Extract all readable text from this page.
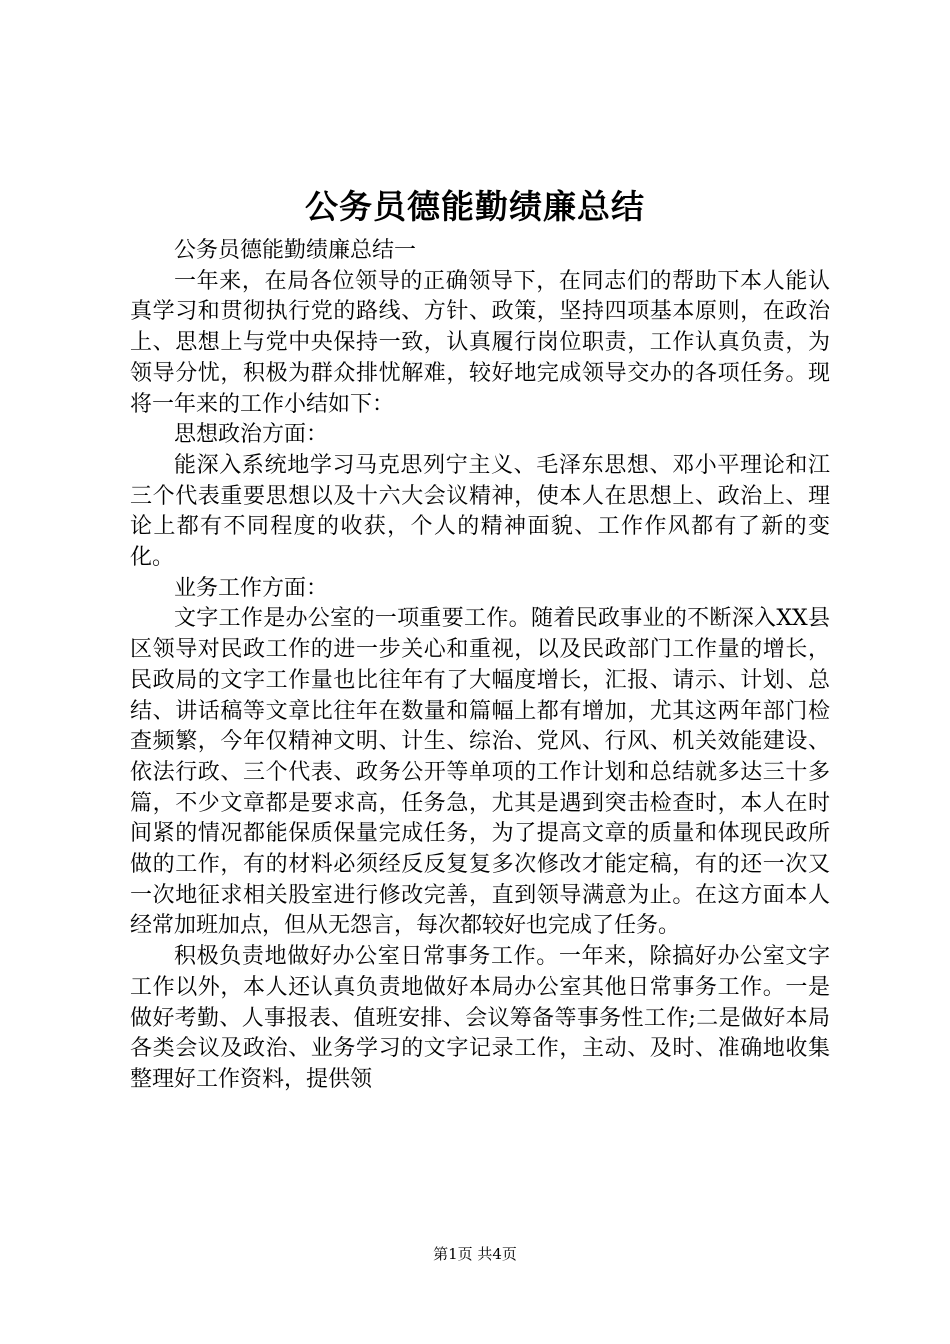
公务员德能勤绩廉总结

公务员德能勤绩廉总结一

一年来，在局各位领导的正确领导下，在同志们的帮助下本人能认真学习和贯彻执行党的路线、方针、政策，坚持四项基本原则，在政治上、思想上与党中央保持一致，认真履行岗位职责，工作认真负责，为领导分忧，积极为群众排忧解难，较好地完成领导交办的各项任务。现将一年来的工作小结如下：

思想政治方面：

能深入系统地学习马克思列宁主义、毛泽东思想、邓小平理论和江三个代表重要思想以及十六大会议精神，使本人在思想上、政治上、理论上都有不同程度的收获，个人的精神面貌、工作作风都有了新的变化。

业务工作方面：

文字工作是办公室的一项重要工作。随着民政事业的不断深入XX县区领导对民政工作的进一步关心和重视，以及民政部门工作量的增长，民政局的文字工作量也比往年有了大幅度增长，汇报、请示、计划、总结、讲话稿等文章比往年在数量和篇幅上都有增加，尤其这两年部门检查频繁，今年仅精神文明、计生、综治、党风、行风、机关效能建设、依法行政、三个代表、政务公开等单项的工作计划和总结就多达三十多篇，不少文章都是要求高，任务急，尤其是遇到突击检查时，本人在时间紧的情况都能保质保量完成任务，为了提高文章的质量和体现民政所做的工作，有的材料必须经反反复复多次修改才能定稿，有的还一次又一次地征求相关股室进行修改完善，直到领导满意为止。在这方面本人经常加班加点，但从无怨言，每次都较好也完成了任务。

积极负责地做好办公室日常事务工作。一年来，除搞好办公室文字工作以外，本人还认真负责地做好本局办公室其他日常事务工作。一是做好考勤、人事报表、值班安排、会议筹备等事务性工作;二是做好本局各类会议及政治、业务学习的文字记录工作，主动、及时、准确地收集整理好工作资料，提供领

第1页 共4页
